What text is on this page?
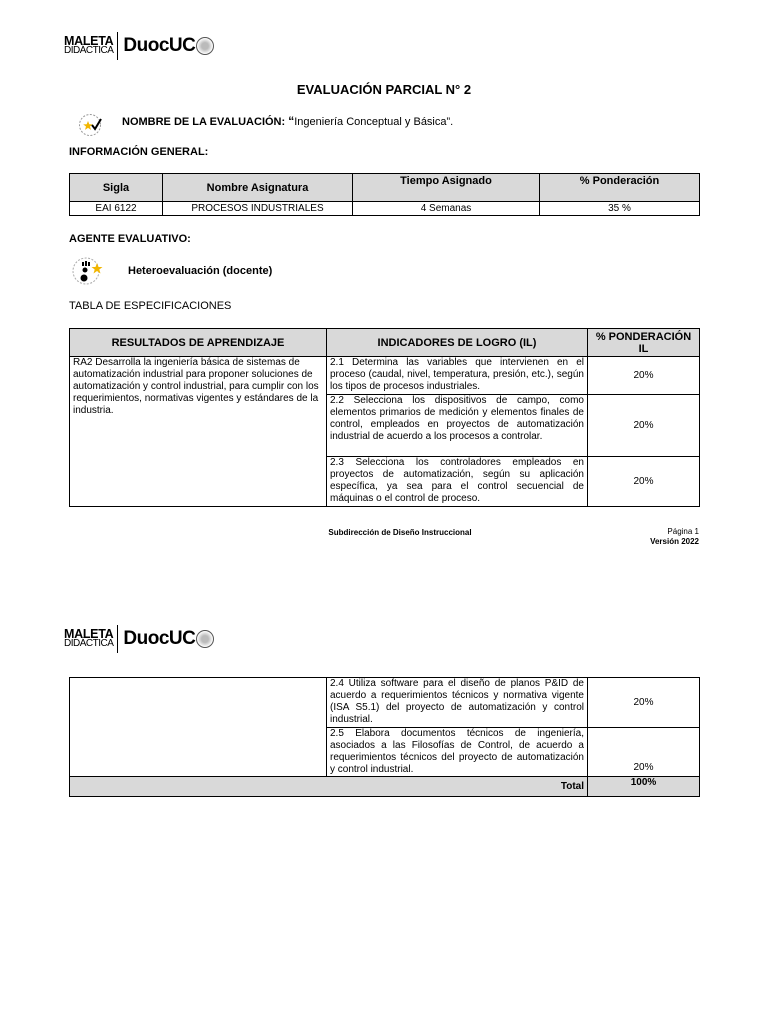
MALETA
DIDÁCTICA DuocUC
EVALUACIÓN PARCIAL N° 2
NOMBRE DE LA EVALUACIÓN: “Ingeniería Conceptual y Básica”.
INFORMACIÓN GENERAL:
Sigla	Nombre Asignatura	Tiempo Asignado	% Ponderación
EAI 6122	PROCESOS INDUSTRIALES	4 Semanas	35 %
AGENTE EVALUATIVO:
Heteroevaluación (docente)
TABLA DE ESPECIFICACIONES
RESULTADOS DE APRENDIZAJE	INDICADORES DE LOGRO (IL)	% PONDERACIÓN IL
RA2 Desarrolla la ingeniería básica de sistemas de automatización industrial para proponer soluciones de automatización y control industrial, para cumplir con los requerimientos, normativas vigentes y estándares de la industria.	2.1 Determina las variables que intervienen en el proceso (caudal, nivel, temperatura, presión, etc.), según los tipos de procesos industriales.	20%
	2.2 Selecciona los dispositivos de campo, como elementos primarios de medición y elementos finales de control, empleados en proyectos de automatización industrial de acuerdo a los procesos a controlar.	20%
	2.3 Selecciona los controladores empleados en proyectos de automatización, según su aplicación específica, ya sea para el control secuencial de máquinas o el control de proceso.	20%
Subdirección de Diseño Instruccional	Página 1
Versión 2022
MALETA
DIDÁCTICA DuocUC
	2.4 Utiliza software para el diseño de planos P&ID de acuerdo a requerimientos técnicos y normativa vigente (ISA S5.1) del proyecto de automatización y control industrial.	20%
	2.5 Elabora documentos técnicos de ingeniería, asociados a las Filosofías de Control, de acuerdo a requerimientos técnicos del proyecto de automatización y control industrial.	20%
Total		100%
